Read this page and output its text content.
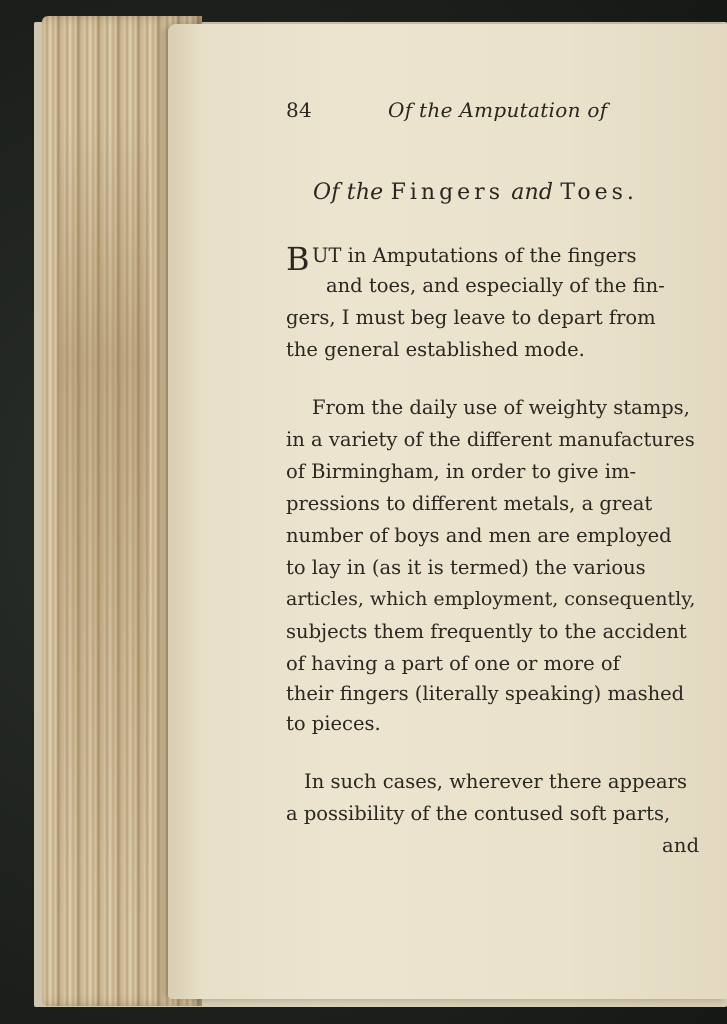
84	Of the Amputation of
Of the Fingers and Toes.
B UT in Amputations of the fingers
and toes, and especially of the fin-
gers, I must beg leave to depart from
the general established mode.
From the daily use of weighty stamps,
in a variety of the different manufactures
of Birmingham, in order to give im-
pressions to different metals, a great
number of boys and men are employed
to lay in (as it is termed) the various
articles, which employment, consequently,
subjects them frequently to the accident
of having a part of one or more of
their fingers (literally speaking) mashed
to pieces.
In such cases, wherever there appears
a possibility of the contused soft parts,
and
